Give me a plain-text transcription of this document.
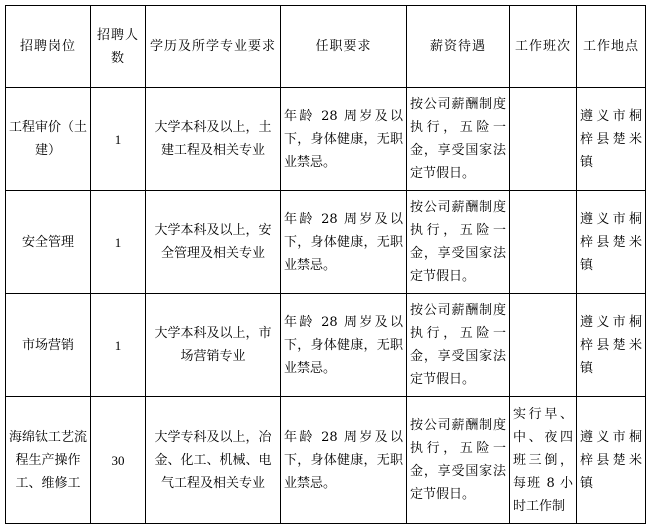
招聘岗位	招聘人数	学历及所学专业要求	任职要求	薪资待遇	工作班次	工作地点
工程审价（土建）	1	大学本科及以上，土建工程及相关专业	年龄 28 周岁及以下，身体健康，无职业禁忌。	按公司薪酬制度执行，五险一金，享受国家法定节假日。		遵义市桐梓县楚米镇
安全管理	1	大学本科及以上，安全管理及相关专业	年龄 28 周岁及以下，身体健康，无职业禁忌。	按公司薪酬制度执行，五险一金，享受国家法定节假日。		遵义市桐梓县楚米镇
市场营销	1	大学本科及以上，市场营销专业	年龄 28 周岁及以下，身体健康，无职业禁忌。	按公司薪酬制度执行，五险一金，享受国家法定节假日。		遵义市桐梓县楚米镇
海绵钛工艺流程生产操作工、维修工	30	大学专科及以上，冶金、化工、机械、电气工程及相关专业	年龄 28 周岁及以下，身体健康，无职业禁忌。	按公司薪酬制度执行，五险一金，享受国家法定节假日。	实行早、中、夜四班三倒，每班 8 小时工作制	遵义市桐梓县楚米镇
